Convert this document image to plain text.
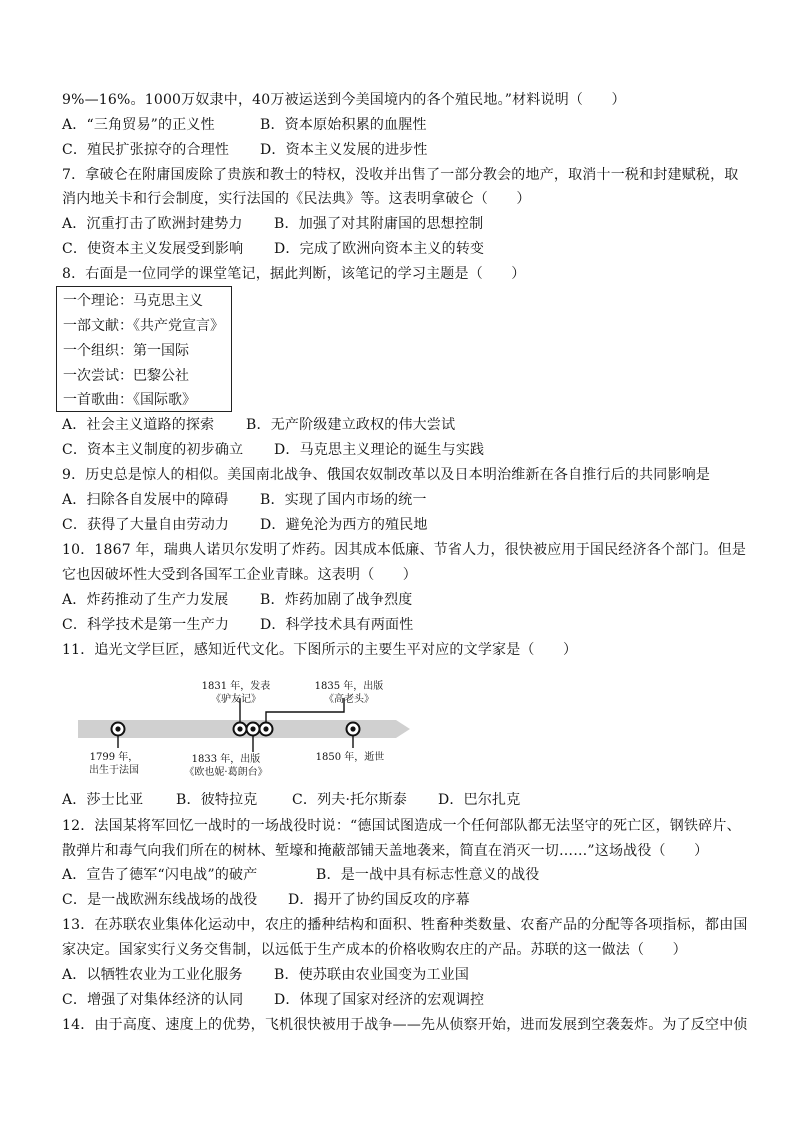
9%—16%。1000万奴隶中，40万被运送到今美国境内的各个殖民地。”材料说明（　　）
A．“三角贸易”的正义性	B．资本原始积累的血腥性
C．殖民扩张掠夺的合理性 D．资本主义发展的进步性
7．拿破仑在附庸国废除了贵族和教士的特权，没收并出售了一部分教会的地产，取消十一税和封建赋税，取
消内地关卡和行会制度，实行法国的《民法典》等。这表明拿破仑（　　）
A．沉重打击了欧洲封建势力 B．加强了对其附庸国的思想控制
C．使资本主义发展受到影响 D．完成了欧洲向资本主义的转变
8．右面是一位同学的课堂笔记，据此判断，该笔记的学习主题是（　　）
一个理论：马克思主义
一部文献：《共产党宣言》
一个组织：第一国际
一次尝试：巴黎公社
一首歌曲：《国际歌》
A．社会主义道路的探索 B．无产阶级建立政权的伟大尝试
C．资本主义制度的初步确立 D．马克思主义理论的诞生与实践
9．历史总是惊人的相似。美国南北战争、俄国农奴制改革以及日本明治维新在各自推行后的共同影响是
A．扫除各自发展中的障碍 B．实现了国内市场的统一
C．获得了大量自由劳动力 D．避免沦为西方的殖民地
10．1867 年，瑞典人诺贝尔发明了炸药。因其成本低廉、节省人力，很快被应用于国民经济各个部门。但是
它也因破坏性大受到各国军工企业青睐。这表明（　　）
A．炸药推动了生产力发展 B．炸药加剧了战争烈度
C．科学技术是第一生产力 D．科学技术具有两面性
11．追光文学巨匠，感知近代文化。下图所示的主要生平对应的文学家是（　　）
1831 年，发表
《驴友记》
1835 年，出版
《高老头》
1799 年，
出生于法国
1833 年，出版
《欧也妮·葛朗台》
1850 年，逝世
A．莎士比亚 B．彼特拉克 C．列夫·托尔斯泰 D．巴尔扎克
12．法国某将军回忆一战时的一场战役时说：“德国试图造成一个任何部队都无法坚守的死亡区，钢铁碎片、
散弹片和毒气向我们所在的树林、堑壕和掩蔽部铺天盖地袭来，简直在消灭一切……”这场战役（　　）
A．宣告了德军“闪电战”的破产	B．是一战中具有标志性意义的战役
C．是一战欧洲东线战场的战役 D．揭开了协约国反攻的序幕
13．在苏联农业集体化运动中，农庄的播种结构和面积、牲畜种类数量、农畜产品的分配等各项指标，都由国
家决定。国家实行义务交售制，以远低于生产成本的价格收购农庄的产品。苏联的这一做法（　　）
A．以牺牲农业为工业化服务 B．使苏联由农业国变为工业国
C．增强了对集体经济的认同 D．体现了国家对经济的宏观调控
14．由于高度、速度上的优势，飞机很快被用于战争——先从侦察开始，进而发展到空袭轰炸。为了反空中侦
